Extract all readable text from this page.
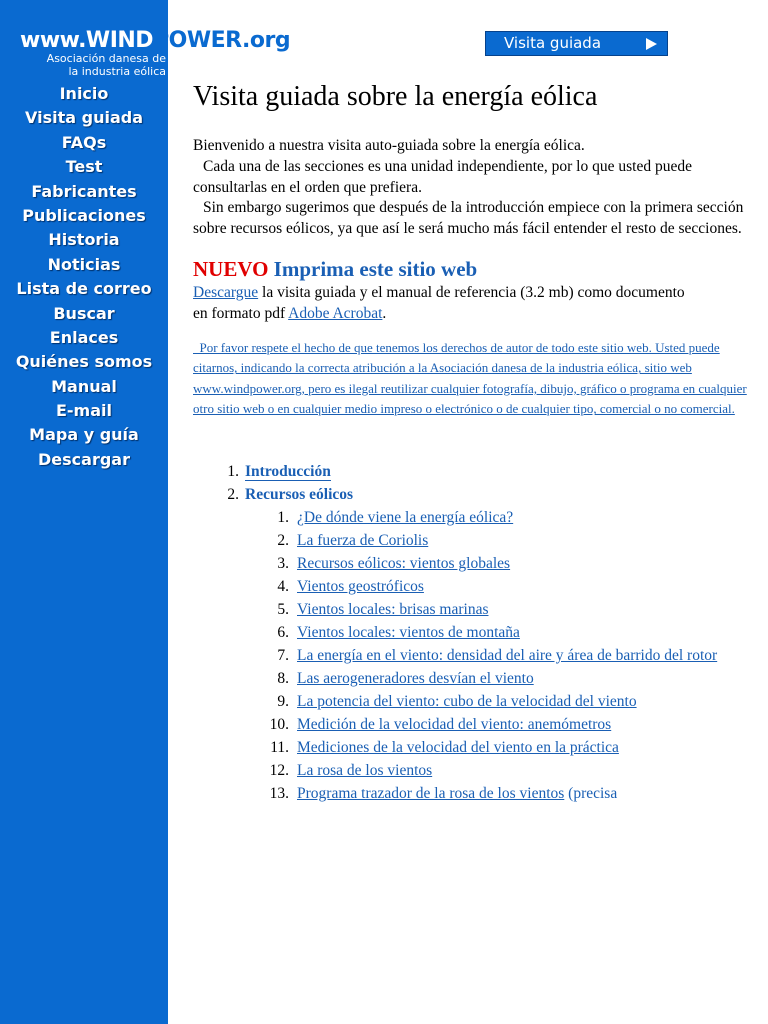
Inicio
Visita guiada
FAQs
Test
Fabricantes
Publicaciones
Historia
Noticias
Lista de correo
Buscar
Enlaces
Quiénes somos
Manual
E-mail
Mapa y guía
Descargar
www.WINDPOWER.org
Asociación danesa de
la industria eólica
Visita guiada
Visita guiada sobre la energía eólica

Bienvenido a nuestra visita auto-guiada sobre la energía eólica.

Cada una de las secciones es una unidad independiente, por lo que usted puede consultarlas en el orden que prefiera.

Sin embargo sugerimos que después de la introducción empiece con la primera sección sobre recursos eólicos, ya que así le será mucho más fácil entender el resto de secciones.

NUEVO Imprima este sitio web

Descargue la visita guiada y el manual de referencia (3.2 mb) como documento
en formato pdf Adobe Acrobat.

Por favor respete el hecho de que tenemos los derechos de autor de todo este sitio web. Usted puede citarnos, indicando la correcta atribución a la Asociación danesa de la industria eólica, sitio web www.windpower.org, pero es ilegal reutilizar cualquier fotografía, dibujo, gráfico o programa en cualquier otro sitio web o en cualquier medio impreso o electrónico o de cualquier tipo, comercial o no comercial.

1. Introducción
2. Recursos eólicos
1. ¿De dónde viene la energía eólica?
2. La fuerza de Coriolis
3. Recursos eólicos: vientos globales
4. Vientos geostróficos
5. Vientos locales: brisas marinas
6. Vientos locales: vientos de montaña
7. La energía en el viento: densidad del aire y área de barrido del rotor
8. Las aerogeneradores desvían el viento
9. La potencia del viento: cubo de la velocidad del viento
10. Medición de la velocidad del viento: anemómetros
11. Mediciones de la velocidad del viento en la práctica
12. La rosa de los vientos
13. Programa trazador de la rosa de los vientos (precisa
